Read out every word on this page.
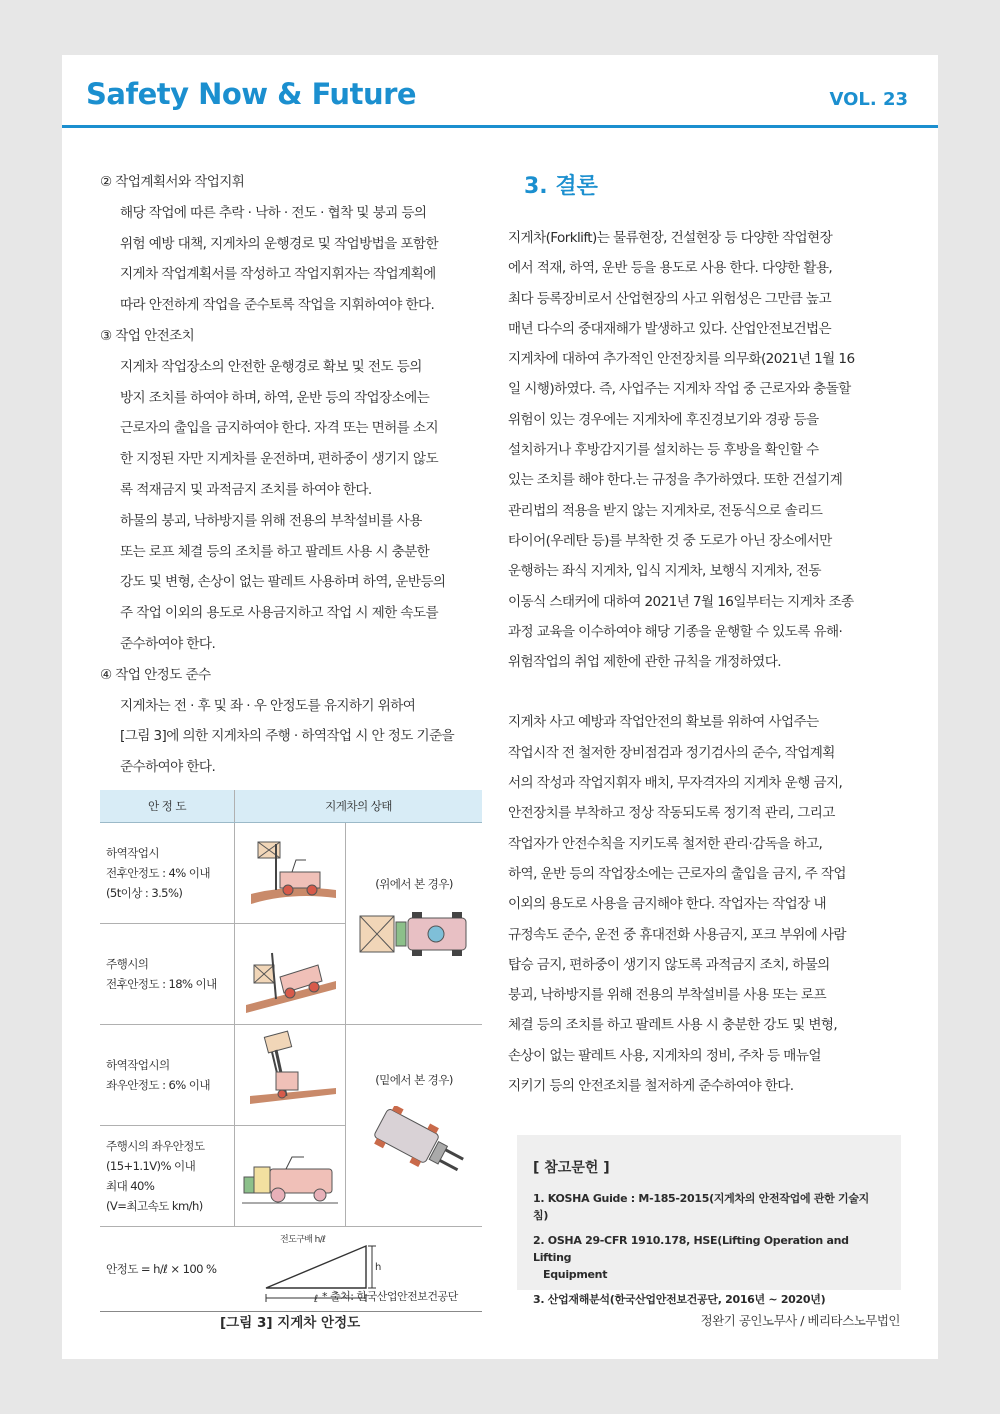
Safety Now & Future	VOL. 23

② 작업계획서와 작업지휘

해당 작업에 따른 추락 · 낙하 · 전도 · 협착 및 붕괴 등의

위험 예방 대책, 지게차의 운행경로 및 작업방법을 포함한

지게차 작업계획서를 작성하고 작업지휘자는 작업계획에

따라 안전하게 작업을 준수토록 작업을 지휘하여야 한다.

③ 작업 안전조치

지게차 작업장소의 안전한 운행경로 확보 및 전도 등의

방지 조치를 하여야 하며, 하역, 운반 등의 작업장소에는

근로자의 출입을 금지하여야 한다. 자격 또는 면허를 소지

한 지정된 자만 지게차를 운전하며, 편하중이 생기지 않도

록 적재금지 및 과적금지 조치를 하여야 한다.

하물의 붕괴, 낙하방지를 위해 전용의 부착설비를 사용

또는 로프 체결 등의 조치를 하고 팔레트 사용 시 충분한

강도 및 변형, 손상이 없는 팔레트 사용하며 하역, 운반등의

주 작업 이외의 용도로 사용금지하고 작업 시 제한 속도를

준수하여야 한다.

④ 작업 안정도 준수

지게차는 전 · 후 및 좌 · 우 안정도를 유지하기 위하여

[그림 3]에 의한 지게차의 주행 · 하역작업 시 안 정도 기준을

준수하여야 한다.

안 정 도	지게차의 상태	

하역작업시
전후안정도 : 4% 이내
(5t이상 : 3.5%)		(위에서 본 경우)

주행시의
전후안정도 : 18% 이내

하역작업시의
좌우안정도 : 6% 이내		(밑에서 본 경우)

주행시의 좌우안정도
(15+1.1V)% 이내
최대 40%
(V=최고속도 km/h)

안정도 = h/ℓ × 100 %	전도구배 h/ℓ
h
ℓ	* 출처: 한국산업안전보건공단
[그림 3] 지게차 안정도
3. 결론

지게차(Forklift)는 물류현장, 건설현장 등 다양한 작업현장

에서 적재, 하역, 운반 등을 용도로 사용 한다. 다양한 활용,

최다 등록장비로서 산업현장의 사고 위험성은 그만큼 높고

매년 다수의 중대재해가 발생하고 있다. 산업안전보건법은

지게차에 대하여 추가적인 안전장치를 의무화(2021년 1월 16

일 시행)하였다. 즉, 사업주는 지게차 작업 중 근로자와 충돌할

위험이 있는 경우에는 지게차에 후진경보기와 경광 등을

설치하거나 후방감지기를 설치하는 등 후방을 확인할 수

있는 조치를 해야 한다.는 규정을 추가하였다. 또한 건설기계

관리법의 적용을 받지 않는 지게차로, 전동식으로 솔리드

타이어(우레탄 등)를 부착한 것 중 도로가 아닌 장소에서만

운행하는 좌식 지게차, 입식 지게차, 보행식 지게차, 전동

이동식 스태커에 대하여 2021년 7월 16일부터는 지게차 조종

과정 교육을 이수하여야 해당 기종을 운행할 수 있도록 유해·

위험작업의 취업 제한에 관한 규칙을 개정하였다.

지게차 사고 예방과 작업안전의 확보를 위하여 사업주는

작업시작 전 철저한 장비점검과 정기검사의 준수, 작업계획

서의 작성과 작업지휘자 배치, 무자격자의 지게차 운행 금지,

안전장치를 부착하고 정상 작동되도록 정기적 관리, 그리고

작업자가 안전수칙을 지키도록 철저한 관리·감독을 하고,

하역, 운반 등의 작업장소에는 근로자의 출입을 금지, 주 작업

이외의 용도로 사용을 금지해야 한다. 작업자는 작업장 내

규정속도 준수, 운전 중 휴대전화 사용금지, 포크 부위에 사람

탑승 금지, 편하중이 생기지 않도록 과적금지 조치, 하물의

붕괴, 낙하방지를 위해 전용의 부착설비를 사용 또는 로프

체결 등의 조치를 하고 팔레트 사용 시 충분한 강도 및 변형,

손상이 없는 팔레트 사용, 지게차의 정비, 주차 등 매뉴얼

지키기 등의 안전조치를 철저하게 준수하여야 한다.

[ 참고문헌 ]
1. KOSHA Guide : M-185-2015(지게차의 안전작업에 관한 기술지침)
2. OSHA 29-CFR 1910.178, HSE(Lifting Operation and Lifting
Equipment
3. 산업재해분석(한국산업안전보건공단, 2016년 ~ 2020년)
정완기 공인노무사 / 베리타스노무법인
